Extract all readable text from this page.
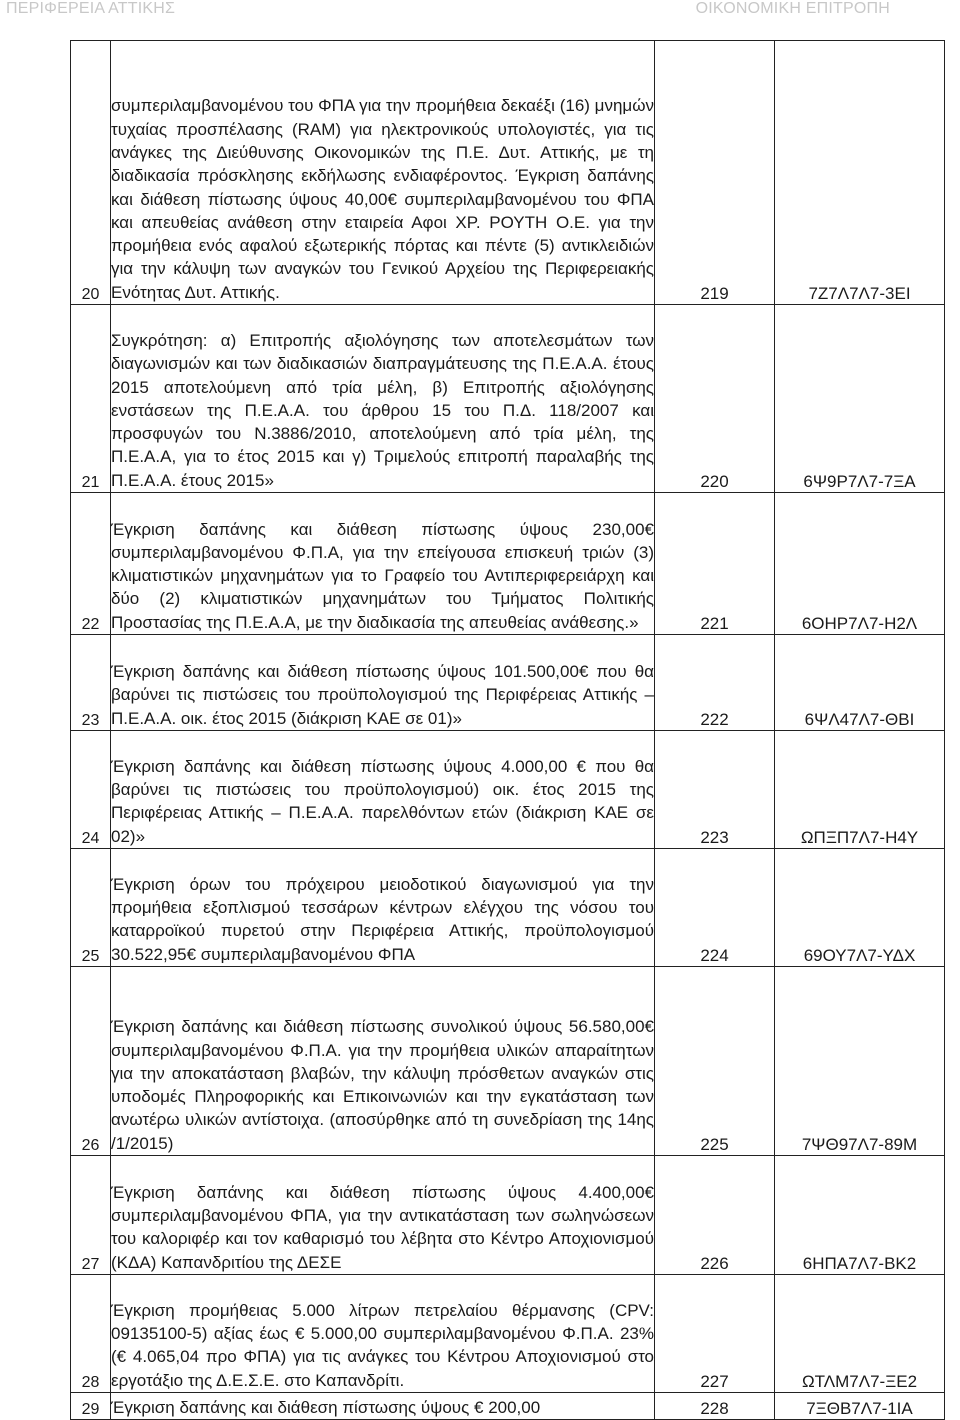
ΠΕΡΙΦΕΡΕΙΑ ΑΤΤΙΚΗΣ	ΟΙΚΟΝΟΜΙΚΗ ΕΠΙΤΡΟΠΗ
20	συμπεριλαμβανομένου του ΦΠΑ για την προμήθεια δεκαέξι (16) μνημών τυχαίας προσπέλασης (RAM) για ηλεκτρονικούς υπολογιστές, για τις ανάγκες της Διεύθυνσης Οικονομικών της Π.Ε. Δυτ. Αττικής, με τη διαδικασία πρόσκλησης εκδήλωσης ενδιαφέροντος. Έγκριση δαπάνης και διάθεση πίστωσης ύψους 40,00€ συμπεριλαμβανομένου του ΦΠΑ και απευθείας ανάθεση στην εταιρεία Αφοι ΧΡ. ΡΟΥΤΗ Ο.Ε. για την προμήθεια ενός αφαλού εξωτερικής πόρτας και πέντε (5) αντικλειδιών για την κάλυψη των αναγκών του Γενικού Αρχείου της Περιφερειακής Ενότητας Δυτ. Αττικής.	219	7Ζ7Λ7Λ7-3ΕΙ
21	Συγκρότηση: α) Επιτροπής αξιολόγησης των αποτελεσμάτων των διαγωνισμών και των διαδικασιών διαπραγμάτευσης της Π.Ε.Α.Α. έτους 2015 αποτελούμενη από τρία μέλη, β) Επιτροπής αξιολόγησης ενστάσεων της Π.Ε.Α.Α. του άρθρου 15 του Π.Δ. 118/2007 και προσφυγών του Ν.3886/2010, αποτελούμενη από τρία μέλη, της Π.Ε.Α.Α, για το έτος 2015 και γ) Τριμελούς επιτροπή παραλαβής της Π.Ε.Α.Α. έτους 2015»	220	6Ψ9Ρ7Λ7-7ΞΑ
22	Έγκριση δαπάνης και διάθεση πίστωσης ύψους 230,00€ συμπεριλαμβανομένου Φ.Π.Α, για την επείγουσα επισκευή τριών (3) κλιματιστικών μηχανημάτων για το Γραφείο του Αντιπεριφερειάρχη και δύο (2) κλιματιστικών μηχανημάτων του Τμήματος Πολιτικής Προστασίας της Π.Ε.Α.Α, με την διαδικασία της απευθείας ανάθεσης.»	221	6ΟΗΡ7Λ7-Η2Λ
23	Έγκριση δαπάνης και διάθεση πίστωσης ύψους 101.500,00€ που θα βαρύνει τις πιστώσεις του προϋπολογισμού της Περιφέρειας Αττικής – Π.Ε.Α.Α. οικ. έτος 2015 (διάκριση ΚΑΕ σε 01)»	222	6ΨΛ47Λ7-ΘΒΙ
24	Έγκριση δαπάνης και διάθεση πίστωσης ύψους 4.000,00 € που θα βαρύνει τις πιστώσεις του προϋπολογισμού) οικ. έτος 2015 της Περιφέρειας Αττικής – Π.Ε.Α.Α. παρελθόντων ετών (διάκριση ΚΑΕ σε 02)»	223	ΩΠΞΠ7Λ7-Η4Υ
25	Έγκριση όρων του πρόχειρου μειοδοτικού διαγωνισμού για την προμήθεια εξοπλισμού τεσσάρων κέντρων ελέγχου της νόσου του καταρροϊκού πυρετού στην Περιφέρεια Αττικής, προϋπολογισμού 30.522,95€ συμπεριλαμβανομένου ΦΠΑ	224	69ΟΥ7Λ7-ΥΔΧ
26	Έγκριση δαπάνης και διάθεση πίστωσης συνολικού ύψους 56.580,00€ συμπεριλαμβανομένου Φ.Π.Α. για την προμήθεια υλικών απαραίτητων για την αποκατάσταση βλαβών, την κάλυψη πρόσθετων αναγκών στις υποδομές Πληροφορικής και Επικοινωνιών και την εγκατάσταση των ανωτέρω υλικών αντίστοιχα. (αποσύρθηκε από τη συνεδρίαση της 14ης /1/2015)	225	7ΨΘ97Λ7-89Μ
27	Έγκριση δαπάνης και διάθεση πίστωσης ύψους 4.400,00€ συμπεριλαμβανομένου ΦΠΑ, για την αντικατάσταση των σωληνώσεων του καλοριφέρ και τον καθαρισμό του λέβητα στο Κέντρο Αποχιονισμού (ΚΔΑ) Καπανδριτίου της ΔΕΣΕ	226	6ΗΠΑ7Λ7-ΒΚ2
28	Έγκριση προμήθειας 5.000 λίτρων πετρελαίου θέρμανσης (CPV: 09135100-5) αξίας έως € 5.000,00 συμπεριλαμβανομένου Φ.Π.Α. 23% (€ 4.065,04 προ ΦΠΑ) για τις ανάγκες του Κέντρου Αποχιονισμού στο εργοτάξιο της Δ.Ε.Σ.Ε. στο Καπανδρίτι.	227	ΩΤΛΜ7Λ7-ΞΕ2
29	Έγκριση δαπάνης και διάθεση πίστωσης ύψους € 200,00	228	7ΞΘΒ7Λ7-1ΙΑ
